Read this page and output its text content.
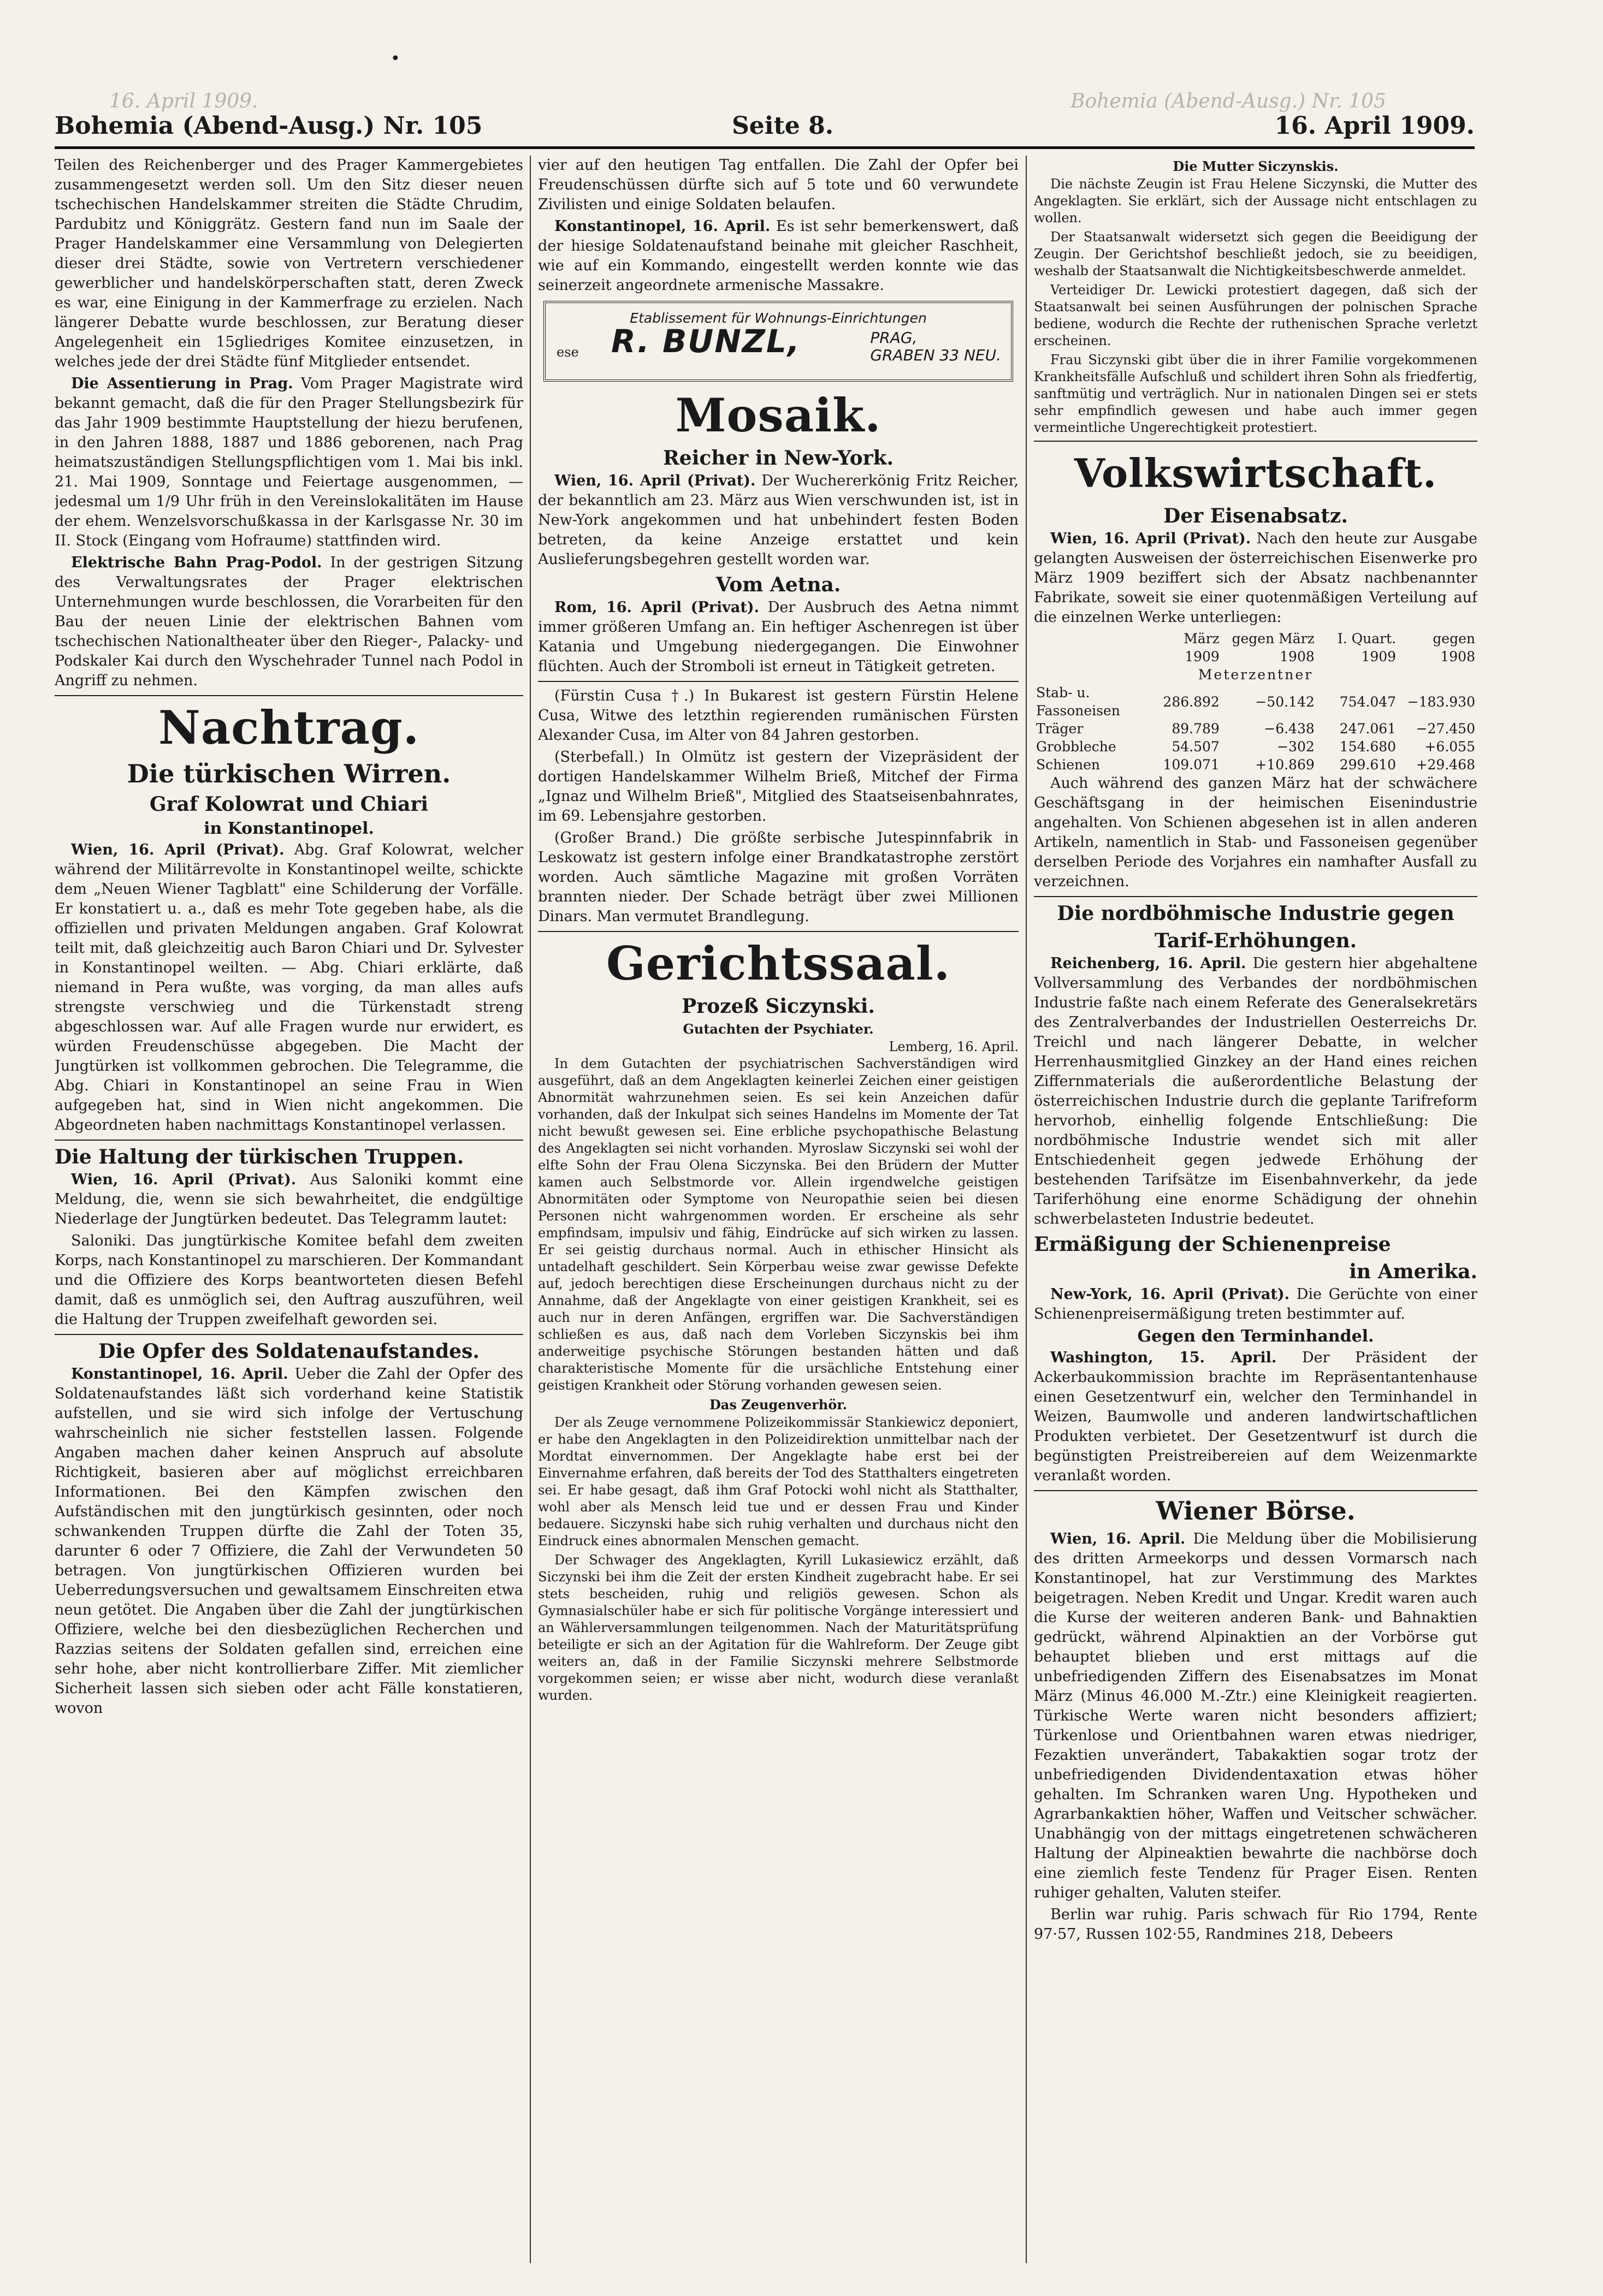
•
16. April 1909.	Bohemia (Abend-Ausg.) Nr. 105
Bohemia (Abend-Ausg.) Nr. 105	Seite 8.	16. April 1909.

Teilen des Reichenberger und des Prager Kammergebietes zusammengesetzt werden soll. Um den Sitz dieser neuen tschechischen Handelskammer streiten die Städte Chrudim, Pardubitz und Königgrätz. Gestern fand nun im Saale der Prager Handelskammer eine Versammlung von Delegierten dieser drei Städte, sowie von Vertretern verschiedener gewerblicher und handelskörperschaften statt, deren Zweck es war, eine Einigung in der Kammerfrage zu erzielen. Nach längerer Debatte wurde beschlossen, zur Beratung dieser Angelegenheit ein 15gliedriges Komitee einzusetzen, in welches jede der drei Städte fünf Mitglieder entsendet.

Die Assentierung in Prag. Vom Prager Magistrate wird bekannt gemacht, daß die für den Prager Stellungsbezirk für das Jahr 1909 bestimmte Hauptstellung der hiezu berufenen, in den Jahren 1888, 1887 und 1886 geborenen, nach Prag heimatszuständigen Stellungspflichtigen vom 1. Mai bis inkl. 21. Mai 1909, Sonntage und Feiertage ausgenommen, — jedesmal um 1/9 Uhr früh in den Vereinslokalitäten im Hause der ehem. Wenzelsvorschußkassa in der Karlsgasse Nr. 30 im II. Stock (Eingang vom Hofraume) stattfinden wird.

Elektrische Bahn Prag-Podol. In der gestrigen Sitzung des Verwaltungsrates der Prager elektrischen Unternehmungen wurde beschlossen, die Vorarbeiten für den Bau der neuen Linie der elektrischen Bahnen vom tschechischen Nationaltheater über den Rieger-, Palacky- und Podskaler Kai durch den Wyschehrader Tunnel nach Podol in Angriff zu nehmen.

Nachtrag.
Die türkischen Wirren.
Graf Kolowrat und Chiari
in Konstantinopel.

Wien, 16. April (Privat). Abg. Graf Kolowrat, welcher während der Militärrevolte in Konstantinopel weilte, schickte dem „Neuen Wiener Tagblatt" eine Schilderung der Vorfälle. Er konstatiert u. a., daß es mehr Tote gegeben habe, als die offiziellen und privaten Meldungen angaben. Graf Kolowrat teilt mit, daß gleichzeitig auch Baron Chiari und Dr. Sylvester in Konstantinopel weilten. — Abg. Chiari erklärte, daß niemand in Pera wußte, was vorging, da man alles aufs strengste verschwieg und die Türkenstadt streng abgeschlossen war. Auf alle Fragen wurde nur erwidert, es würden Freudenschüsse abgegeben. Die Macht der Jungtürken ist vollkommen gebrochen. Die Telegramme, die Abg. Chiari in Konstantinopel an seine Frau in Wien aufgegeben hat, sind in Wien nicht angekommen. Die Abgeordneten haben nachmittags Konstantinopel verlassen.

Die Haltung der türkischen Truppen.

Wien, 16. April (Privat). Aus Saloniki kommt eine Meldung, die, wenn sie sich bewahrheitet, die endgültige Niederlage der Jungtürken bedeutet. Das Telegramm lautet:

Saloniki. Das jungtürkische Komitee befahl dem zweiten Korps, nach Konstantinopel zu marschieren. Der Kommandant und die Offiziere des Korps beantworteten diesen Befehl damit, daß es unmöglich sei, den Auftrag auszuführen, weil die Haltung der Truppen zweifelhaft geworden sei.

Die Opfer des Soldatenaufstandes.

Konstantinopel, 16. April. Ueber die Zahl der Opfer des Soldatenaufstandes läßt sich vorderhand keine Statistik aufstellen, und sie wird sich infolge der Vertuschung wahrscheinlich nie sicher feststellen lassen. Folgende Angaben machen daher keinen Anspruch auf absolute Richtigkeit, basieren aber auf möglichst erreichbaren Informationen. Bei den Kämpfen zwischen den Aufständischen mit den jungtürkisch gesinnten, oder noch schwankenden Truppen dürfte die Zahl der Toten 35, darunter 6 oder 7 Offiziere, die Zahl der Verwundeten 50 betragen. Von jungtürkischen Offizieren wurden bei Ueberredungsversuchen und gewaltsamem Einschreiten etwa neun getötet. Die Angaben über die Zahl der jungtürkischen Offiziere, welche bei den diesbezüglichen Recherchen und Razzias seitens der Soldaten gefallen sind, erreichen eine sehr hohe, aber nicht kontrollierbare Ziffer. Mit ziemlicher Sicherheit lassen sich sieben oder acht Fälle konstatieren, wovon

vier auf den heutigen Tag entfallen. Die Zahl der Opfer bei Freudenschüssen dürfte sich auf 5 tote und 60 verwundete Zivilisten und einige Soldaten belaufen.

Konstantinopel, 16. April. Es ist sehr bemerkenswert, daß der hiesige Soldatenaufstand beinahe mit gleicher Raschheit, wie auf ein Kommando, eingestellt werden konnte wie das seinerzeit angeordnete armenische Massakre.

Etablissement für Wohnungs-Einrichtungen
ese R. BUNZL,	PRAG,
GRABEN 33 NEU.
Mosaik.
Reicher in New-York.

Wien, 16. April (Privat). Der Wuchererkönig Fritz Reicher, der bekanntlich am 23. März aus Wien verschwunden ist, ist in New-York angekommen und hat unbehindert festen Boden betreten, da keine Anzeige erstattet und kein Auslieferungsbegehren gestellt worden war.

Vom Aetna.

Rom, 16. April (Privat). Der Ausbruch des Aetna nimmt immer größeren Umfang an. Ein heftiger Aschenregen ist über Katania und Umgebung niedergegangen. Die Einwohner flüchten. Auch der Stromboli ist erneut in Tätigkeit getreten.

(Fürstin Cusa †.) In Bukarest ist gestern Fürstin Helene Cusa, Witwe des letzthin regierenden rumänischen Fürsten Alexander Cusa, im Alter von 84 Jahren gestorben.

(Sterbefall.) In Olmütz ist gestern der Vizepräsident der dortigen Handelskammer Wilhelm Brieß, Mitchef der Firma „Ignaz und Wilhelm Brieß", Mitglied des Staatseisenbahnrates, im 69. Lebensjahre gestorben.

(Großer Brand.) Die größte serbische Jutespinnfabrik in Leskowatz ist gestern infolge einer Brandkatastrophe zerstört worden. Auch sämtliche Magazine mit großen Vorräten brannten nieder. Der Schade beträgt über zwei Millionen Dinars. Man vermutet Brandlegung.

Gerichtssaal.
Prozeß Siczynski.
Gutachten der Psychiater.
Lemberg, 16. April.

In dem Gutachten der psychiatrischen Sachverständigen wird ausgeführt, daß an dem Angeklagten keinerlei Zeichen einer geistigen Abnormität wahrzunehmen seien. Es sei kein Anzeichen dafür vorhanden, daß der Inkulpat sich seines Handelns im Momente der Tat nicht bewußt gewesen sei. Eine erbliche psychopathische Belastung des Angeklagten sei nicht vorhanden. Myroslaw Siczynski sei wohl der elfte Sohn der Frau Olena Siczynska. Bei den Brüdern der Mutter kamen auch Selbstmorde vor. Allein irgendwelche geistigen Abnormitäten oder Symptome von Neuropathie seien bei diesen Personen nicht wahrgenommen worden. Er erscheine als sehr empfindsam, impulsiv und fähig, Eindrücke auf sich wirken zu lassen. Er sei geistig durchaus normal. Auch in ethischer Hinsicht als untadelhaft geschildert. Sein Körperbau weise zwar gewisse Defekte auf, jedoch berechtigen diese Erscheinungen durchaus nicht zu der Annahme, daß der Angeklagte von einer geistigen Krankheit, sei es auch nur in deren Anfängen, ergriffen war. Die Sachverständigen schließen es aus, daß nach dem Vorleben Siczynskis bei ihm anderweitige psychische Störungen bestanden hätten und daß charakteristische Momente für die ursächliche Entstehung einer geistigen Krankheit oder Störung vorhanden gewesen seien.

Das Zeugenverhör.

Der als Zeuge vernommene Polizeikommissär Stankiewicz deponiert, er habe den Angeklagten in den Polizeidirektion unmittelbar nach der Mordtat einvernommen. Der Angeklagte habe erst bei der Einvernahme erfahren, daß bereits der Tod des Statthalters eingetreten sei. Er habe gesagt, daß ihm Graf Potocki wohl nicht als Statthalter, wohl aber als Mensch leid tue und er dessen Frau und Kinder bedauere. Siczynski habe sich ruhig verhalten und durchaus nicht den Eindruck eines abnormalen Menschen gemacht.

Der Schwager des Angeklagten, Kyrill Lukasiewicz erzählt, daß Siczynski bei ihm die Zeit der ersten Kindheit zugebracht habe. Er sei stets bescheiden, ruhig und religiös gewesen. Schon als Gymnasialschüler habe er sich für politische Vorgänge interessiert und an Wählerversammlungen teilgenommen. Nach der Maturitätsprüfung beteiligte er sich an der Agitation für die Wahlreform. Der Zeuge gibt weiters an, daß in der Familie Siczynski mehrere Selbstmorde vorgekommen seien; er wisse aber nicht, wodurch diese veranlaßt wurden.

Die Mutter Siczynskis.

Die nächste Zeugin ist Frau Helene Siczynski, die Mutter des Angeklagten. Sie erklärt, sich der Aussage nicht entschlagen zu wollen.

Der Staatsanwalt widersetzt sich gegen die Beeidigung der Zeugin. Der Gerichtshof beschließt jedoch, sie zu beeidigen, weshalb der Staatsanwalt die Nichtigkeitsbeschwerde anmeldet.

Verteidiger Dr. Lewicki protestiert dagegen, daß sich der Staatsanwalt bei seinen Ausführungen der polnischen Sprache bediene, wodurch die Rechte der ruthenischen Sprache verletzt erscheinen.

Frau Siczynski gibt über die in ihrer Familie vorgekommenen Krankheitsfälle Aufschluß und schildert ihren Sohn als friedfertig, sanftmütig und verträglich. Nur in nationalen Dingen sei er stets sehr empfindlich gewesen und habe auch immer gegen vermeintliche Ungerechtigkeit protestiert.

Volkswirtschaft.
Der Eisenabsatz.

Wien, 16. April (Privat). Nach den heute zur Ausgabe gelangten Ausweisen der österreichischen Eisenwerke pro März 1909 beziffert sich der Absatz nachbenannter Fabrikate, soweit sie einer quotenmäßigen Verteilung auf die einzelnen Werke unterliegen:

	März 1909	gegen März 1908	I. Quart. 1909	gegen 1908
Meterzentner				
Stab- u. Fassoneisen	286.892	−50.142	754.047	−183.930
Träger	89.789	−6.438	247.061	−27.450
Grobbleche	54.507	−302	154.680	+6.055
Schienen	109.071	+10.869	299.610	+29.468

Auch während des ganzen März hat der schwächere Geschäftsgang in der heimischen Eisenindustrie angehalten. Von Schienen abgesehen ist in allen anderen Artikeln, namentlich in Stab- und Fassoneisen gegenüber derselben Periode des Vorjahres ein namhafter Ausfall zu verzeichnen.

Die nordböhmische Industrie gegen
Tarif-Erhöhungen.

Reichenberg, 16. April. Die gestern hier abgehaltene Vollversammlung des Verbandes der nordböhmischen Industrie faßte nach einem Referate des Generalsekretärs des Zentralverbandes der Industriellen Oesterreichs Dr. Treichl und nach längerer Debatte, in welcher Herrenhausmitglied Ginzkey an der Hand eines reichen Ziffernmaterials die außerordentliche Belastung der österreichischen Industrie durch die geplante Tarifreform hervorhob, einhellig folgende Entschließung: Die nordböhmische Industrie wendet sich mit aller Entschiedenheit gegen jedwede Erhöhung der bestehenden Tarifsätze im Eisenbahnverkehr, da jede Tariferhöhung eine enorme Schädigung der ohnehin schwerbelasteten Industrie bedeutet.

Ermäßigung der Schienenpreise
in Amerika.

New-York, 16. April (Privat). Die Gerüchte von einer Schienenpreisermäßigung treten bestimmter auf.

Gegen den Terminhandel.

Washington, 15. April. Der Präsident der Ackerbaukommission brachte im Repräsentantenhause einen Gesetzentwurf ein, welcher den Terminhandel in Weizen, Baumwolle und anderen landwirtschaftlichen Produkten verbietet. Der Gesetzentwurf ist durch die begünstigten Preistreibereien auf dem Weizenmarkte veranlaßt worden.

Wiener Börse.

Wien, 16. April. Die Meldung über die Mobilisierung des dritten Armeekorps und dessen Vormarsch nach Konstantinopel, hat zur Verstimmung des Marktes beigetragen. Neben Kredit und Ungar. Kredit waren auch die Kurse der weiteren anderen Bank- und Bahnaktien gedrückt, während Alpinaktien an der Vorbörse gut behauptet blieben und erst mittags auf die unbefriedigenden Ziffern des Eisenabsatzes im Monat März (Minus 46.000 M.-Ztr.) eine Kleinigkeit reagierten. Türkische Werte waren nicht besonders affiziert; Türkenlose und Orientbahnen waren etwas niedriger, Fezaktien unverändert, Tabakaktien sogar trotz der unbefriedigenden Dividendentaxation etwas höher gehalten. Im Schranken waren Ung. Hypotheken und Agrarbankaktien höher, Waffen und Veitscher schwächer. Unabhängig von der mittags eingetretenen schwächeren Haltung der Alpineaktien bewahrte die nachbörse doch eine ziemlich feste Tendenz für Prager Eisen. Renten ruhiger gehalten, Valuten steifer.

Berlin war ruhig. Paris schwach für Rio 1794, Rente 97·57, Russen 102·55, Randmines 218, Debeers
